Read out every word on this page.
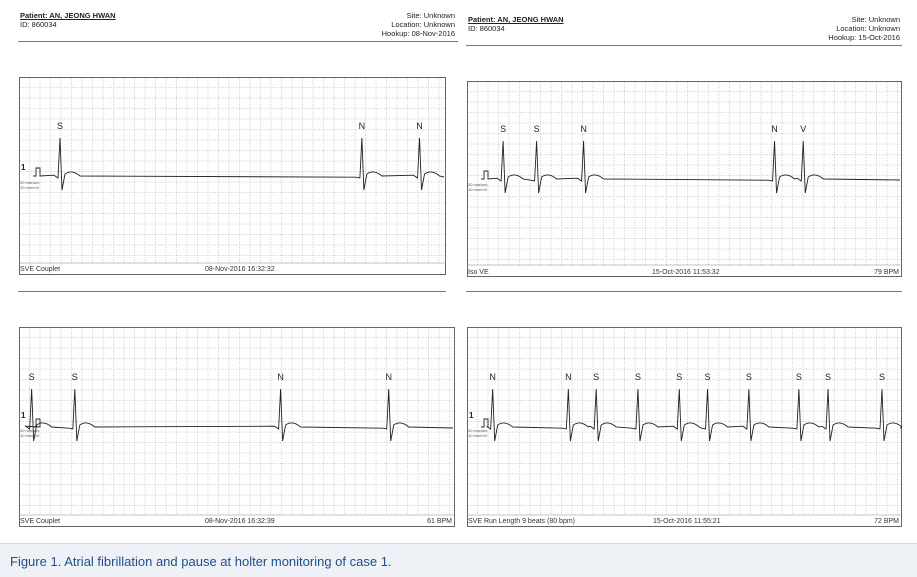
Patient: AN, JEONG HWAN
ID: 860034
Site: Unknown
Location: Unknown
Hookup: 08-Nov-2016
Patient: AN, JEONG HWAN
ID: 860034
Site: Unknown
Location: Unknown
Hookup: 15-Oct-2016
1
20 mm/sec
10 mm/mV
SVE Couplet	08-Nov-2016 16:32:32
S	N	N
20 mm/sec
10 mm/mV
Iso VE	15-Oct-2016 11:53:32	79 BPM
S	S	N	N V
1
20 mm/sec
10 mm/mV
SVE Couplet	08-Nov-2016 16:32:39	61 BPM
S	S	N	N
1
20 mm/sec
10 mm/mV
SVE Run Length 9 beats (80 bpm)	15-Oct-2016 11:55:21	72 BPM
N	N S	S	S S	S	S	S	S
Figure 1. Atrial fibrillation and pause at holter monitoring of case 1.
